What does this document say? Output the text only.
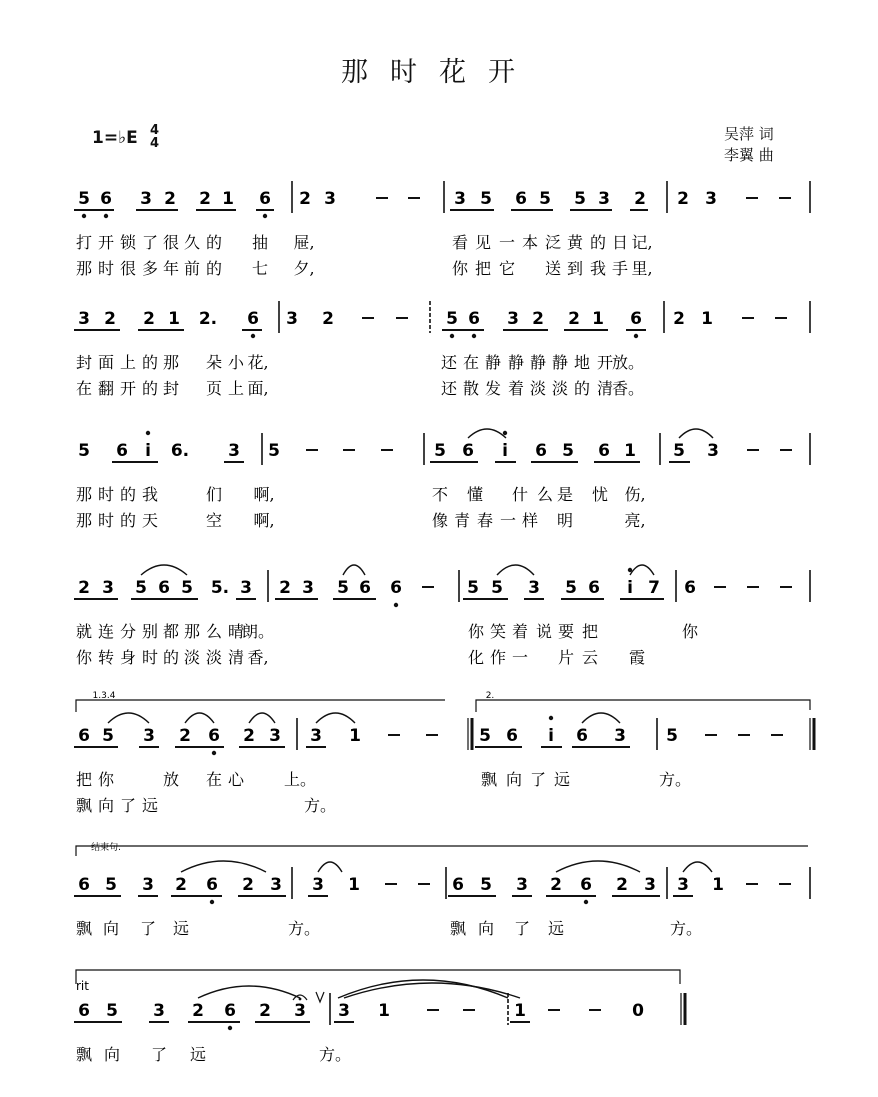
那时花开
1=♭E 4
4
吴萍 词
李翼 曲
5 6 3 2 2 1 6 2 3	3 5 6 5 5 3 2 2 3
打 开 锁 了 很 久 的 抽 屉,	看 见 一 本 泛 黄 的 日 记,
那 时 很 多 年 前 的 七 夕,	你 把 它 送 到 我 手 里,
3 2 2 1 2. 6 3 2	5 6 3 2 2 1 6 2 1
封 面 上 的 那 朵 小 花,	还 在 静 静 静 静 地 开
放。
在 翻 开 的 封 页 上 面,	还 散 发 着 淡 淡 的 清
香。
5 6 i 6. 3 5	5 6 i 6 5 6 1 5 3
那 时 的 我	们 啊,	不 懂 什 么 是 忧 伤,
那 时 的 天	空 啊,	像 青 春 一 样 明	亮,
2 3 5 6 5 5. 3 2 3 5 6 6	5 5 3 5 6 i 7 6
就 连 分 别 都 那 么 晴
朗。	你 笑 着 说 要 把	你
你 转 身 时 的 淡 淡 清 香,	化 作 一 片 云 霞
6 5 3 2 6 2 3 3 1	5 6 i 6 3 5
把 你	放 在 心 上。	飘 向 了 远	方。
飘 向 了 远	方。
6 5 3 2 6 2 3 3 1	6 5 3 2 6 2 3 3 1
飘 向 了 远	方。	飘 向 了 远	方。
6 5 3 2 6 2 3 3 1	1	0
飘 向 了 远	方。
1.3.4	2.
结束句.
rit
